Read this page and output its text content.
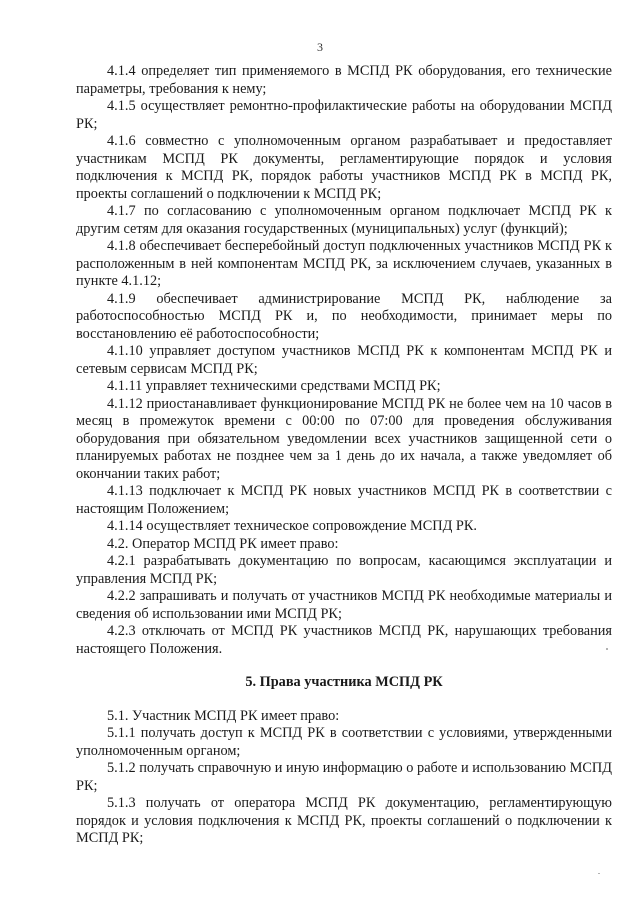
3

4.1.4 определяет тип применяемого в МСПД РК оборудования, его технические параметры, требования к нему;

4.1.5 осуществляет ремонтно-профилактические работы на оборудовании МСПД РК;

4.1.6 совместно с уполномоченным органом разрабатывает и предоставляет участникам МСПД РК документы, регламентирующие порядок и условия подключения к МСПД РК, порядок работы участников МСПД РК в МСПД РК, проекты соглашений о подключении к МСПД РК;

4.1.7 по согласованию с уполномоченным органом подключает МСПД РК к другим сетям для оказания государственных (муниципальных) услуг (функций);

4.1.8 обеспечивает бесперебойный доступ подключенных участников МСПД РК к расположенным в ней компонентам МСПД РК, за исключением случаев, указанных в пункте 4.1.12;

4.1.9 обеспечивает администрирование МСПД РК, наблюдение за работоспособностью МСПД РК и, по необходимости, принимает меры по восстановлению её работоспособности;

4.1.10 управляет доступом участников МСПД РК к компонентам МСПД РК и сетевым сервисам МСПД РК;

4.1.11 управляет техническими средствами МСПД РК;

4.1.12 приостанавливает функционирование МСПД РК не более чем на 10 часов в месяц в промежуток времени с 00:00 по 07:00 для проведения обслуживания оборудования при обязательном уведомлении всех участников защищенной сети о планируемых работах не позднее чем за 1 день до их начала, а также уведомляет об окончании таких работ;

4.1.13 подключает к МСПД РК новых участников МСПД РК в соответствии с настоящим Положением;

4.1.14 осуществляет техническое сопровождение МСПД РК.

4.2. Оператор МСПД РК имеет право:

4.2.1 разрабатывать документацию по вопросам, касающимся эксплуатации и управления МСПД РК;

4.2.2 запрашивать и получать от участников МСПД РК необходимые материалы и сведения об использовании ими МСПД РК;

4.2.3 отключать от МСПД РК участников МСПД РК, нарушающих требования настоящего Положения.

5. Права участника МСПД РК

5.1. Участник МСПД РК имеет право:

5.1.1 получать доступ к МСПД РК в соответствии с условиями, утвержденными уполномоченным органом;

5.1.2 получать справочную и иную информацию о работе и использованию МСПД РК;

5.1.3 получать от оператора МСПД РК документацию, регламентирующую порядок и условия подключения к МСПД РК, проекты соглашений о подключении к МСПД РК;
